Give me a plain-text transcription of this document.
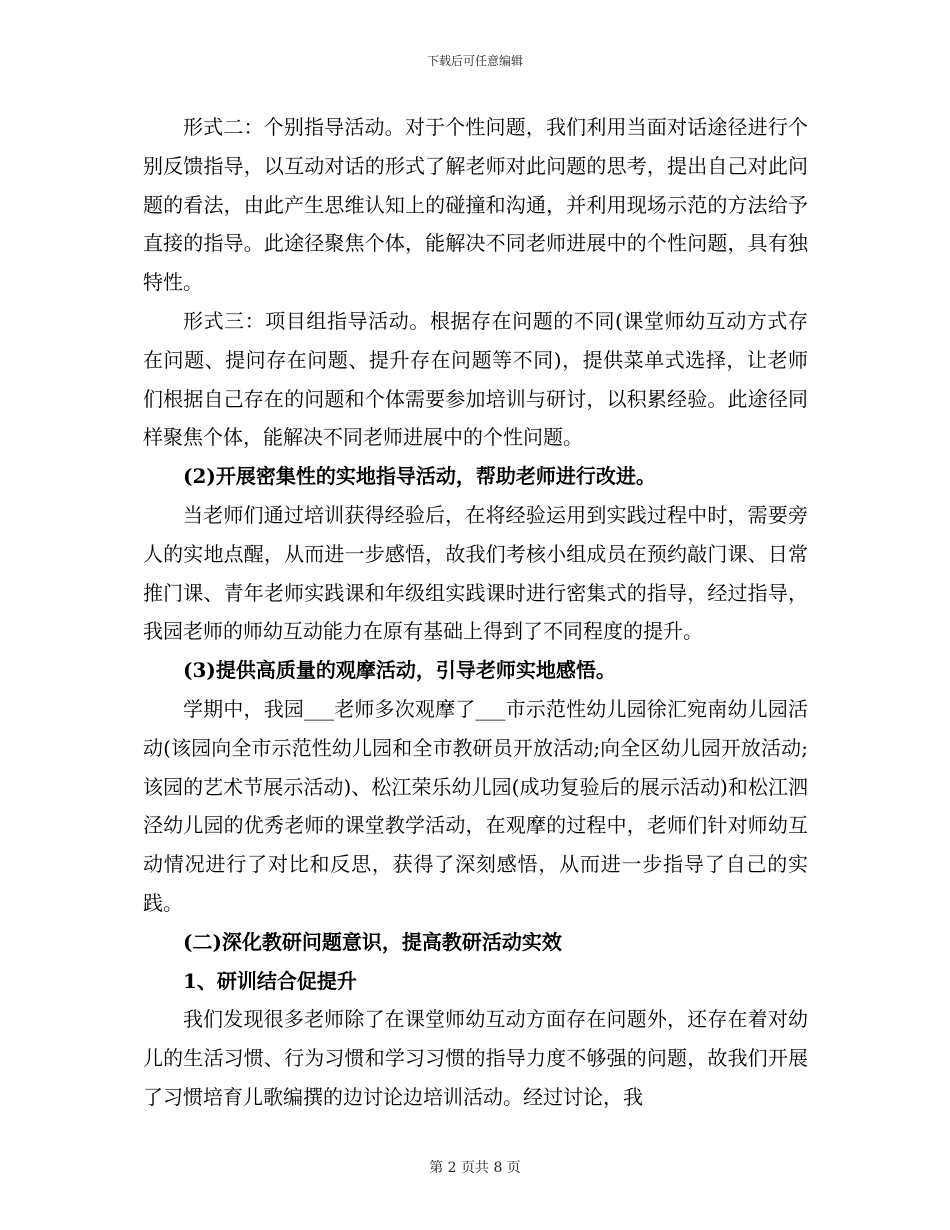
下载后可任意编辑

形式二：个别指导活动。对于个性问题，我们利用当面对话途径进行个别反馈指导，以互动对话的形式了解老师对此问题的思考，提出自己对此问题的看法，由此产生思维认知上的碰撞和沟通，并利用现场示范的方法给予直接的指导。此途径聚焦个体，能解决不同老师进展中的个性问题，具有独特性。

形式三：项目组指导活动。根据存在问题的不同(课堂师幼互动方式存在问题、提问存在问题、提升存在问题等不同)，提供菜单式选择，让老师们根据自己存在的问题和个体需要参加培训与研讨，以积累经验。此途径同样聚焦个体，能解决不同老师进展中的个性问题。

(2)开展密集性的实地指导活动，帮助老师进行改进。

当老师们通过培训获得经验后，在将经验运用到实践过程中时，需要旁人的实地点醒，从而进一步感悟，故我们考核小组成员在预约敲门课、日常推门课、青年老师实践课和年级组实践课时进行密集式的指导，经过指导，我园老师的师幼互动能力在原有基础上得到了不同程度的提升。

(3)提供高质量的观摩活动，引导老师实地感悟。

学期中，我园___老师多次观摩了___市示范性幼儿园徐汇宛南幼儿园活动(该园向全市示范性幼儿园和全市教研员开放活动;向全区幼儿园开放活动;该园的艺术节展示活动)、松江荣乐幼儿园(成功复验后的展示活动)和松江泗泾幼儿园的优秀老师的课堂教学活动，在观摩的过程中，老师们针对师幼互动情况进行了对比和反思，获得了深刻感悟，从而进一步指导了自己的实践。

(二)深化教研问题意识，提高教研活动实效

1、研训结合促提升

我们发现很多老师除了在课堂师幼互动方面存在问题外，还存在着对幼儿的生活习惯、行为习惯和学习习惯的指导力度不够强的问题，故我们开展了习惯培育儿歌编撰的边讨论边培训活动。经过讨论，我

第 2 页共 8 页
